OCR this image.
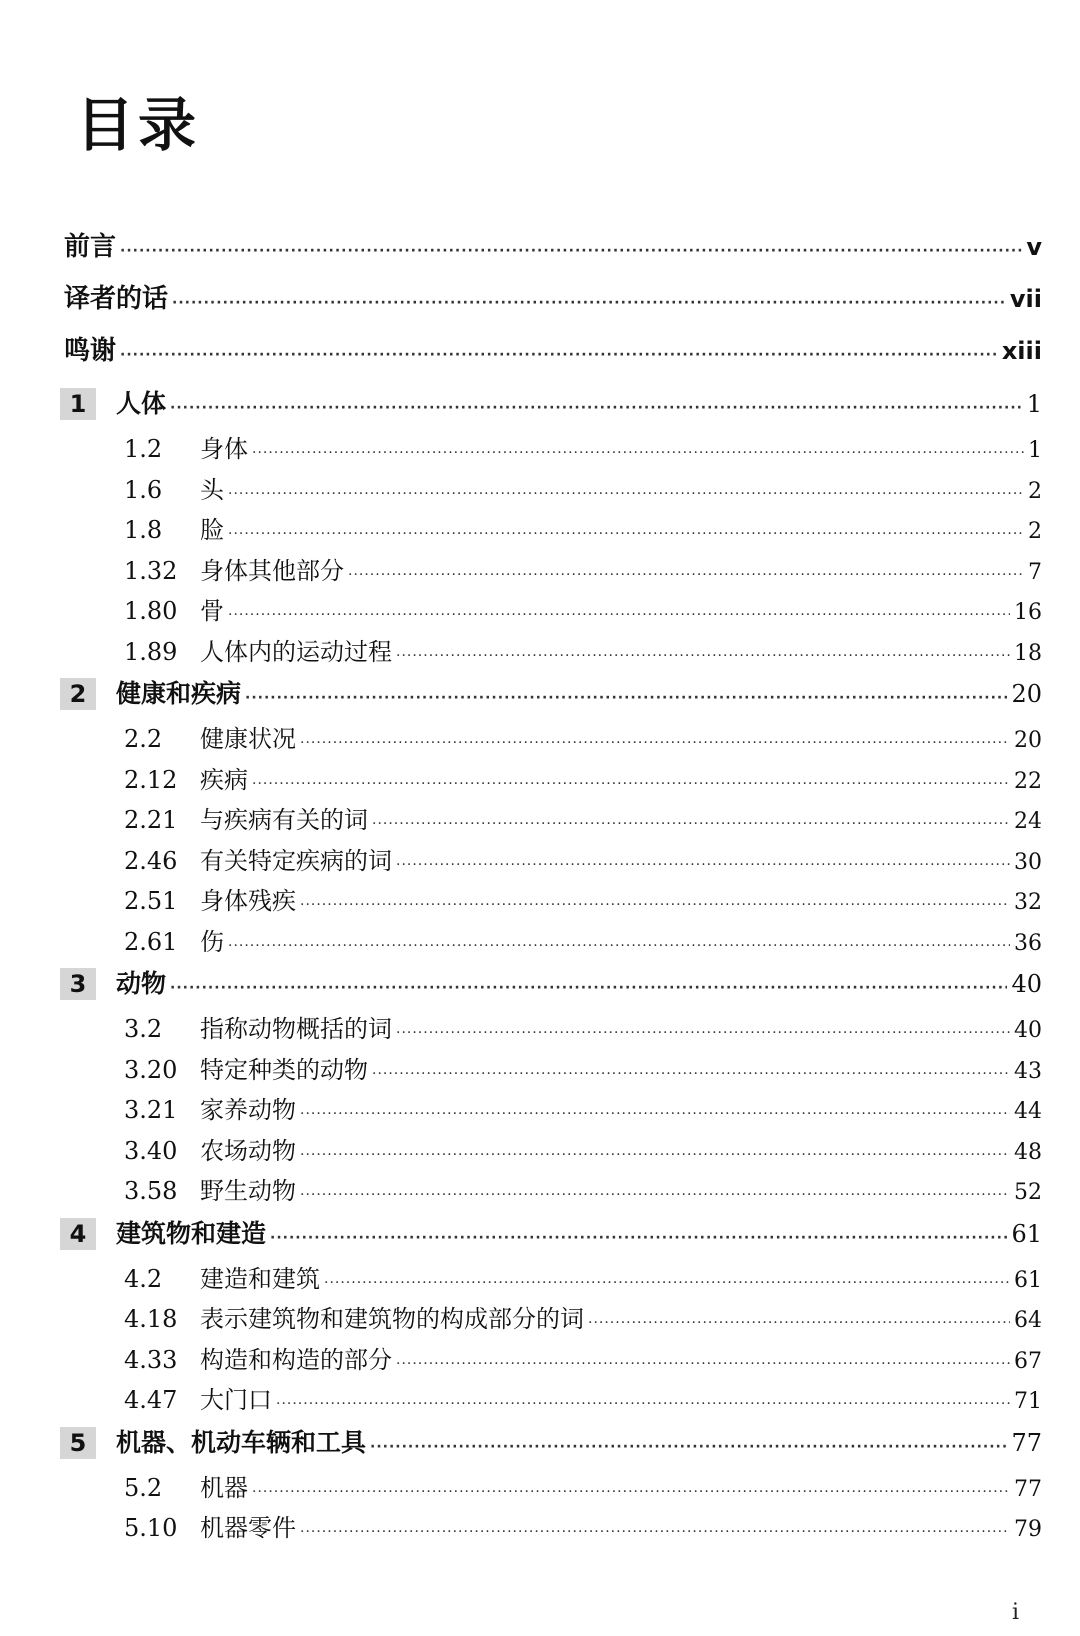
目录
前言 ·····	v
译者的话 ·····	vii
鸣谢 ·····	xiii
1 人体 ·····	1
1.2 身体 ·····	1
1.6 头 ·····	2
1.8 脸 ·····	2
1.32 身体其他部分 ·····	7
1.80 骨 ·····	16
1.89 人体内的运动过程 ·····	18
2 健康和疾病 ·····	20
2.2 健康状况 ·····	20
2.12 疾病 ·····	22
2.21 与疾病有关的词 ·····	24
2.46 有关特定疾病的词 ·····	30
2.51 身体残疾 ·····	32
2.61 伤 ·····	36
3 动物 ·····	40
3.2 指称动物概括的词 ·····	40
3.20 特定种类的动物 ·····	43
3.21 家养动物 ·····	44
3.40 农场动物 ·····	48
3.58 野生动物 ·····	52
4 建筑物和建造 ·····	61
4.2 建造和建筑 ·····	61
4.18 表示建筑物和建筑物的构成部分的词 ·····	64
4.33 构造和构造的部分 ·····	67
4.47 大门口 ·····	71
5 机器、机动车辆和工具 ·····	77
5.2 机器 ·····	77
5.10 机器零件 ·····	79
i
